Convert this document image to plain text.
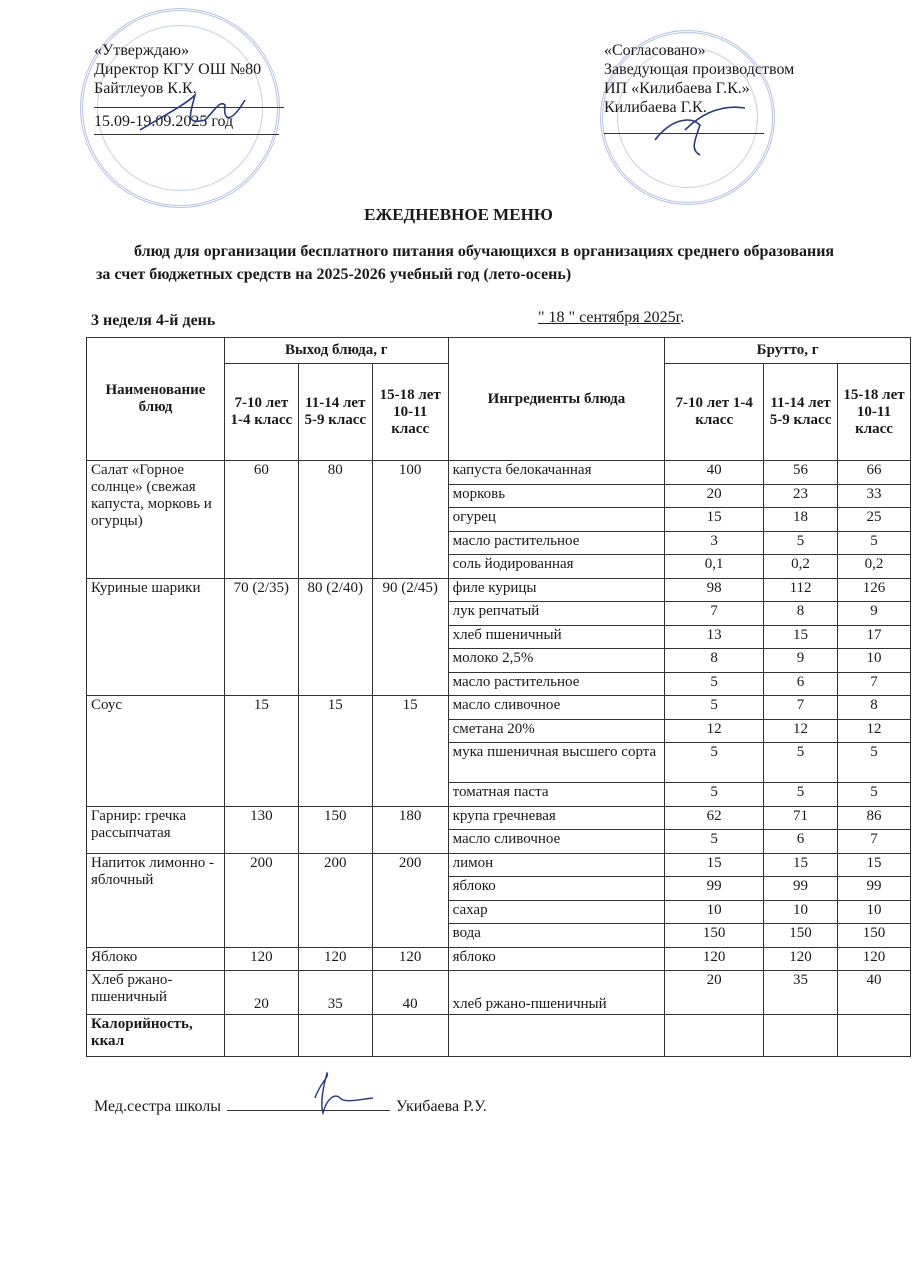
«Утверждаю»
Директор КГУ ОШ №80
Байтлеуов К.К.
15.09-19.09.2025 год
«Согласовано»
Заведующая производством
ИП «Килибаева Г.К.»
Килибаева Г.К.
ЕЖЕДНЕВНОЕ МЕНЮ
блюд для организации бесплатного питания обучающихся в организациях среднего образования за счет бюджетных средств на 2025-2026 учебный год (лето-осень)
3 неделя 4-й день	" 18 " сентября 2025г.
Наименование блюд	Выход блюда, г			Ингредиенты блюда	Брутто, г		
	7-10 лет 1-4 класс	11-14 лет 5-9 класс	15-18 лет 10-11 класс		7-10 лет 1-4 класс	11-14 лет 5-9 класс	15-18 лет 10-11 класс
Салат «Горное солнце» (свежая капуста, морковь и огурцы)	60	80	100	капуста белокачанная	40	56	66
				морковь	20	23	33
				огурец	15	18	25
				масло растительное	3	5	5
				соль йодированная	0,1	0,2	0,2
Куриные шарики	70 (2/35)	80 (2/40)	90 (2/45)	филе курицы	98	112	126
				лук репчатый	7	8	9
				хлеб пшеничный	13	15	17
				молоко 2,5%	8	9	10
				масло растительное	5	6	7
Соус	15	15	15	масло сливочное	5	7	8
				сметана 20%	12	12	12
				мука пшеничная высшего сорта	5	5	5
				томатная паста	5	5	5
Гарнир: гречка рассыпчатая	130	150	180	крупа гречневая	62	71	86
				масло сливочное	5	6	7
Напиток лимонно - яблочный	200	200	200	лимон	15	15	15
				яблоко	99	99	99
				сахар	10	10	10
				вода	150	150	150
Яблоко	120	120	120	яблоко	120	120	120
Хлеб ржано-пшеничный	20	35	40	хлеб ржано-пшеничный	20	35	40
Калорийность, ккал							
Мед.сестра школы	Укибаева Р.У.
